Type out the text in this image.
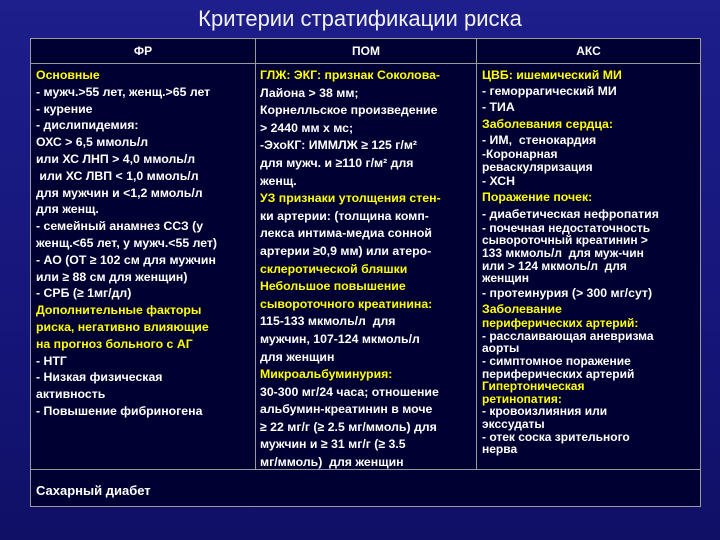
Критерии стратификации риска
ФР	ПОМ	АКС
Основные
- мужч.>55 лет, женщ.>65 лет
- курение
- дислипидемия:
ОХС > 6,5 ммоль/л
или ХС ЛНП > 4,0 ммоль/л
или ХС ЛВП < 1,0 ммоль/л
для мужчин и <1,2 ммоль/л
для женщ.
- семейный анамнез ССЗ (у
женщ.<65 лет, у мужч.<55 лет)
- АО (ОТ ≥ 102 см для мужчин
или ≥ 88 см для женщин)
- СРБ (≥ 1мг/дл)
Дополнительные факторы
риска, негативно влияющие
на прогноз больного с АГ
- НТГ
- Низкая физическая
активность
- Повышение фибриногена
ГЛЖ: ЭКГ: признак Соколова-
Лайона > 38 мм;
Корнелльское произведение
> 2440 мм х мс;
-ЭхоКГ: ИММЛЖ ≥ 125 г/м²
для мужч. и ≥110 г/м² для
женщ.
УЗ признаки утолщения стен-
ки артерии: (толщина комп-
лекса интима-медиа сонной
артерии ≥0,9 мм) или атеро-
склеротической бляшки
Небольшое повышение
сывороточного креатинина:
115-133 мкмоль/л  для
мужчин, 107-124 мкмоль/л
для женщин
Микроальбуминурия:
30-300 мг/24 часа; отношение
альбумин-креатинин в моче
≥ 22 мг/г (≥ 2.5 мг/ммоль) для
мужчин и ≥ 31 мг/г (≥ 3.5
мг/ммоль)  для женщин
ЦВБ: ишемический МИ
- геморрагический МИ
- ТИА
Заболевания сердца:
- ИМ,  стенокардия
-Коронарная
реваскуляризация
- ХСН
Поражение почек:
- диабетическая нефропатия
- почечная недостаточность
сывороточный креатинин >
133 мкмоль/л  для муж-чин
или > 124 мкмоль/л  для
женщин
- протеинурия (> 300 мг/сут)
Заболевание
периферических артерий:
- расслаивающая аневризма
аорты
- симптомное поражение
периферических артерий
Гипертоническая
ретинопатия:
- кровоизлияния или
экссудаты
- отек соска зрительного
нерва
Сахарный диабет
